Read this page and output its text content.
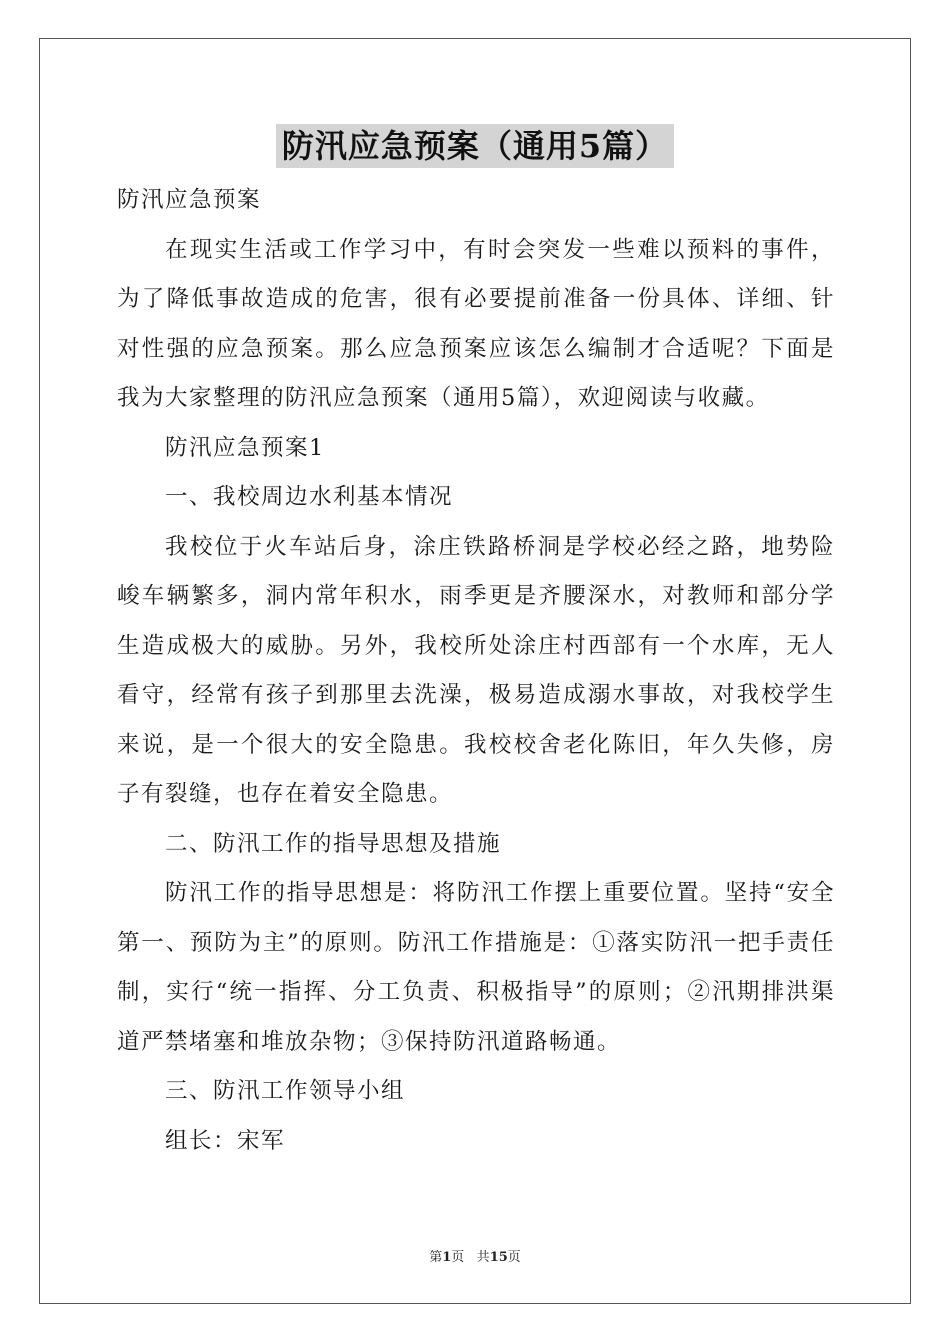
防汛应急预案（通用5篇）

防汛应急预案

在现实生活或工作学习中，有时会突发一些难以预料的事件，为了降低事故造成的危害，很有必要提前准备一份具体、详细、针对性强的应急预案。那么应急预案应该怎么编制才合适呢？下面是我为大家整理的防汛应急预案（通用5篇），欢迎阅读与收藏。

防汛应急预案1

一、我校周边水利基本情况

我校位于火车站后身，涂庄铁路桥洞是学校必经之路，地势险峻车辆繁多，洞内常年积水，雨季更是齐腰深水，对教师和部分学生造成极大的威胁。另外，我校所处涂庄村西部有一个水库，无人看守，经常有孩子到那里去洗澡，极易造成溺水事故，对我校学生来说，是一个很大的安全隐患。我校校舍老化陈旧，年久失修，房子有裂缝，也存在着安全隐患。

二、防汛工作的指导思想及措施

防汛工作的指导思想是：将防汛工作摆上重要位置。坚持“安全第一、预防为主”的原则。防汛工作措施是：①落实防汛一把手责任制，实行“统一指挥、分工负责、积极指导”的原则；②汛期排洪渠道严禁堵塞和堆放杂物；③保持防汛道路畅通。

三、防汛工作领导小组

组长：宋军

第1页 共15页
